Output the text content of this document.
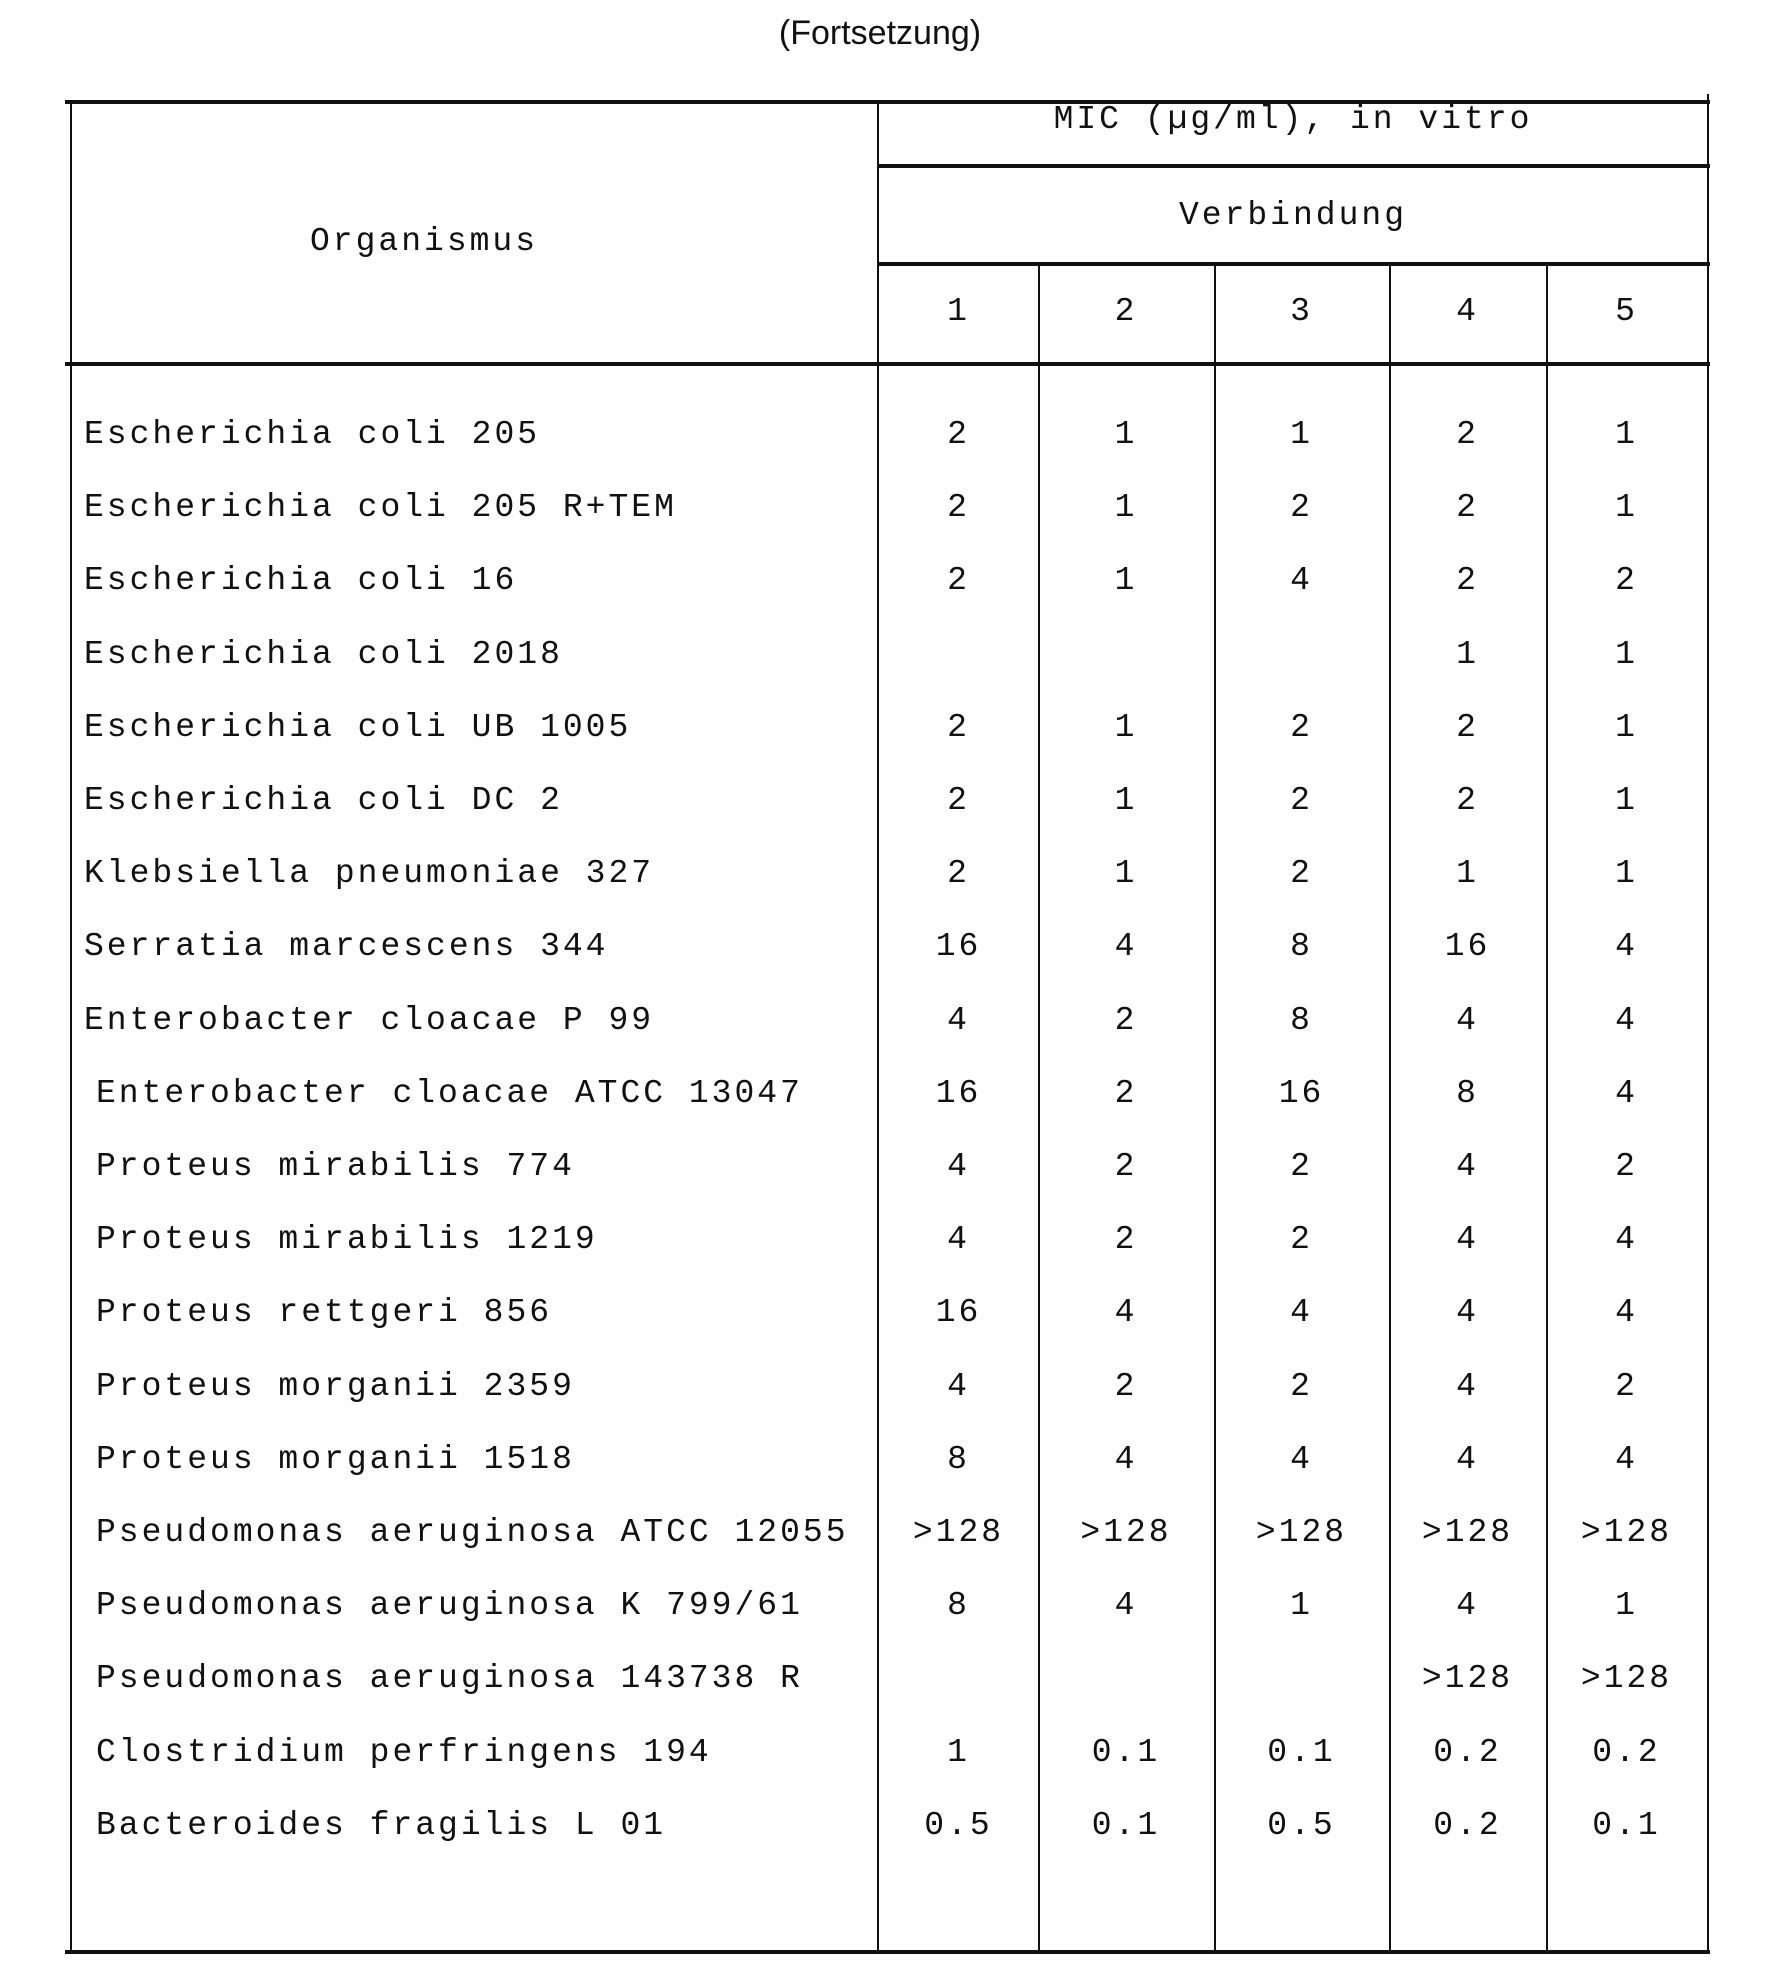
(Fortsetzung)
Organismus
MIC (µg/ml), in vitro
Verbindung
1	2	3	4	5
Escherichia coli 205	2	1	1	2	1
Escherichia coli 205 R+TEM	2	1	2	2	1
Escherichia coli 16	2	1	4	2	2
Escherichia coli 2018	1	1
Escherichia coli UB 1005	2	1	2	2	1
Escherichia coli DC 2	2	1	2	2	1
Klebsiella pneumoniae 327	2	1	2	1	1
Serratia marcescens 344	16	4	8	16	4
Enterobacter cloacae P 99	4	2	8	4	4
Enterobacter cloacae ATCC 13047	16	2	16	8	4
Proteus mirabilis 774	4	2	2	4	2
Proteus mirabilis 1219	4	2	2	4	4
Proteus rettgeri 856	16	4	4	4	4
Proteus morganii 2359	4	2	2	4	2
Proteus morganii 1518	8	4	4	4	4
Pseudomonas aeruginosa ATCC 12055	>128	>128	>128	>128	>128
Pseudomonas aeruginosa K 799/61	8	4	1	4	1
Pseudomonas aeruginosa 143738 R	>128	>128
Clostridium perfringens 194	1	0.1	0.1	0.2	0.2
Bacteroides fragilis L 01	0.5	0.1	0.5	0.2	0.1
